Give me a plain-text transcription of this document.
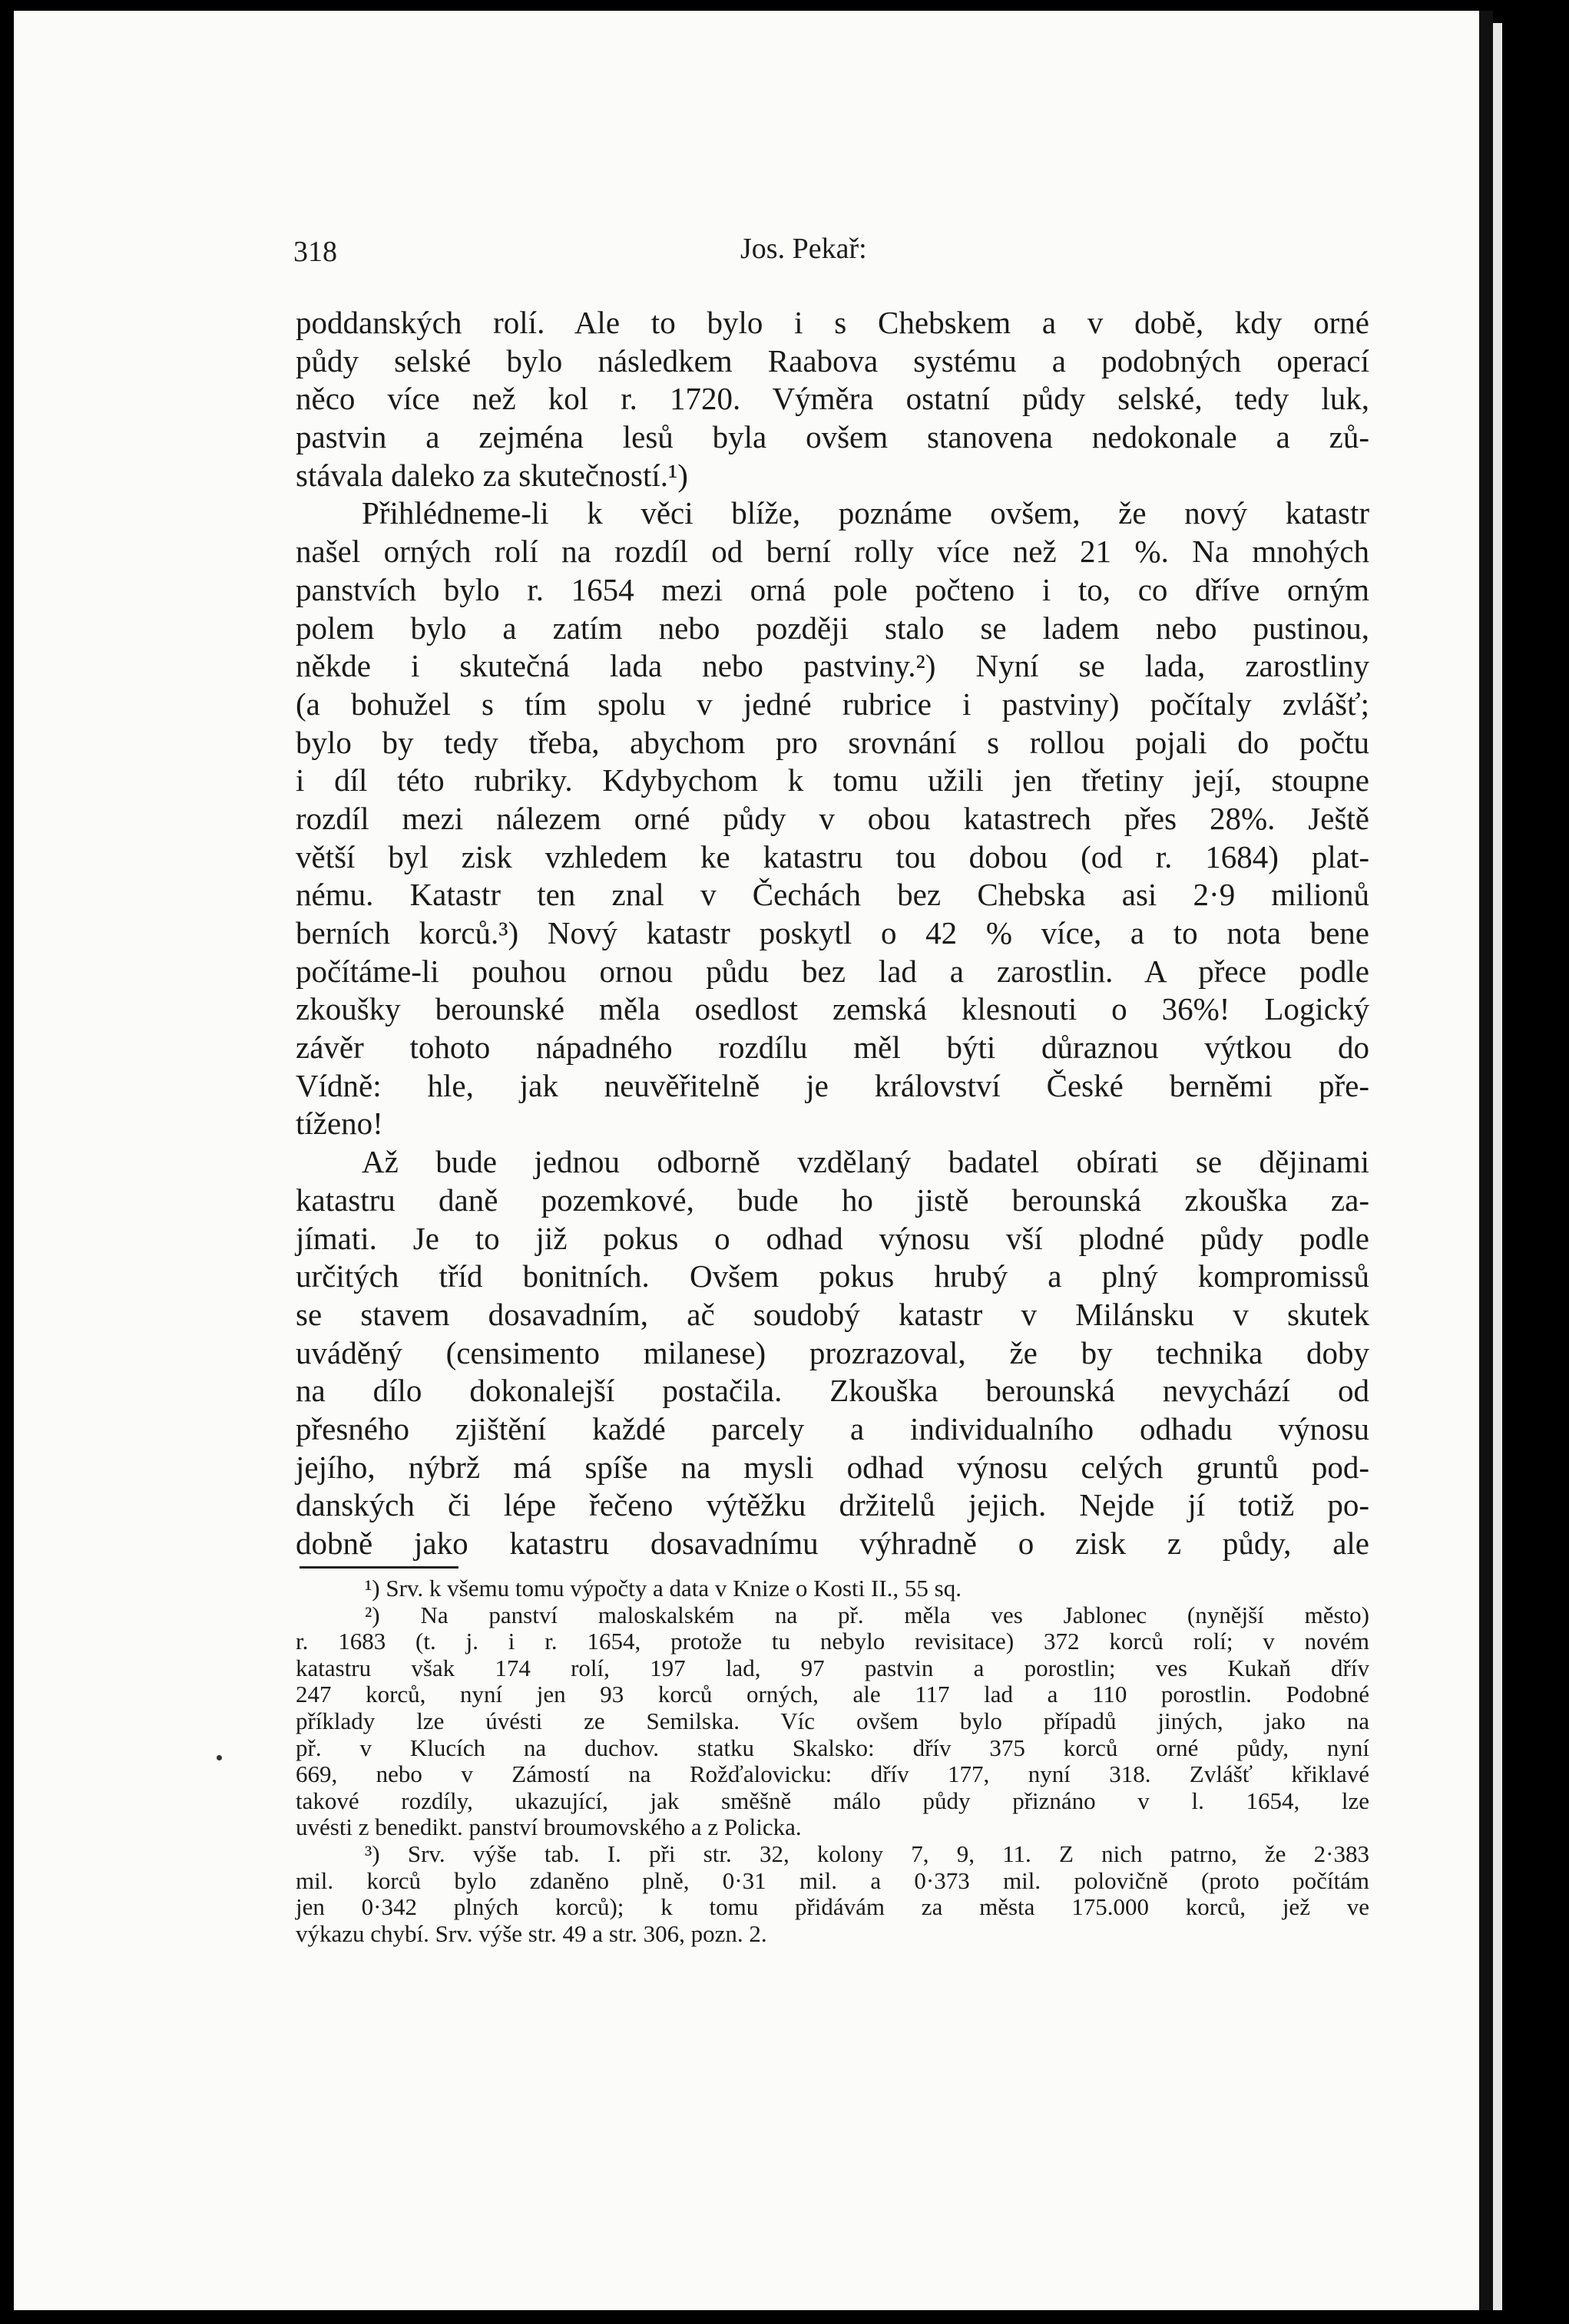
318	Jos. Pekař:
poddanských rolí. Ale to bylo i s Chebskem a v době, kdy orné
půdy selské bylo následkem Raabova systému a podobných operací
něco více než kol r. 1720. Výměra ostatní půdy selské, tedy luk,
pastvin a zejména lesů byla ovšem stanovena nedokonale a zů-
stávala daleko za skutečností.¹)
Přihlédneme-li k věci blíže, poznáme ovšem, že nový katastr
našel orných rolí na rozdíl od berní rolly více než 21 %. Na mnohých
panstvích bylo r. 1654 mezi orná pole počteno i to, co dříve orným
polem bylo a zatím nebo později stalo se ladem nebo pustinou,
někde i skutečná lada nebo pastviny.²) Nyní se lada, zarostliny
(a bohužel s tím spolu v jedné rubrice i pastviny) počítaly zvlášť;
bylo by tedy třeba, abychom pro srovnání s rollou pojali do počtu
i díl této rubriky. Kdybychom k tomu užili jen třetiny její, stoupne
rozdíl mezi nálezem orné půdy v obou katastrech přes 28%. Ještě
větší byl zisk vzhledem ke katastru tou dobou (od r. 1684) plat-
nému. Katastr ten znal v Čechách bez Chebska asi 2·9 milionů
berních korců.³) Nový katastr poskytl o 42 % více, a to nota bene
počítáme-li pouhou ornou půdu bez lad a zarostlin. A přece podle
zkoušky berounské měla osedlost zemská klesnouti o 36%! Logický
závěr tohoto nápadného rozdílu měl býti důraznou výtkou do
Vídně: hle, jak neuvěřitelně je království České berněmi pře-
tíženo!
Až bude jednou odborně vzdělaný badatel obírati se dějinami
katastru daně pozemkové, bude ho jistě berounská zkouška za-
jímati. Je to již pokus o odhad výnosu vší plodné půdy podle
určitých tříd bonitních. Ovšem pokus hrubý a plný kompromissů
se stavem dosavadním, ač soudobý katastr v Milánsku v skutek
uváděný (censimento milanese) prozrazoval, že by technika doby
na dílo dokonalejší postačila. Zkouška berounská nevychází od
přesného zjištění každé parcely a individualního odhadu výnosu
jejího, nýbrž má spíše na mysli odhad výnosu celých gruntů pod-
danských či lépe řečeno výtěžku držitelů jejich. Nejde jí totiž po-
dobně jako katastru dosavadnímu výhradně o zisk z půdy, ale
¹) Srv. k všemu tomu výpočty a data v Knize o Kosti II., 55 sq.
²) Na panství maloskalském na př. měla ves Jablonec (nynější město)
r. 1683 (t. j. i r. 1654, protože tu nebylo revisitace) 372 korců rolí; v novém
katastru však 174 rolí, 197 lad, 97 pastvin a porostlin; ves Kukaň dřív
247 korců, nyní jen 93 korců orných, ale 117 lad a 110 porostlin. Podobné
příklady lze úvésti ze Semilska. Víc ovšem bylo případů jiných, jako na
př. v Klucích na duchov. statku Skalsko: dřív 375 korců orné půdy, nyní
669, nebo v Zámostí na Rožďalovicku: dřív 177, nyní 318. Zvlášť křiklavé
takové rozdíly, ukazující, jak směšně málo půdy přiznáno v l. 1654, lze
uvésti z benedikt. panství broumovského a z Policka.
³) Srv. výše tab. I. při str. 32, kolony 7, 9, 11. Z nich patrno, že 2·383
mil. korců bylo zdaněno plně, 0·31 mil. a 0·373 mil. polovičně (proto počítám
jen 0·342 plných korců); k tomu přidávám za města 175.000 korců, jež ve
výkazu chybí. Srv. výše str. 49 a str. 306, pozn. 2.
